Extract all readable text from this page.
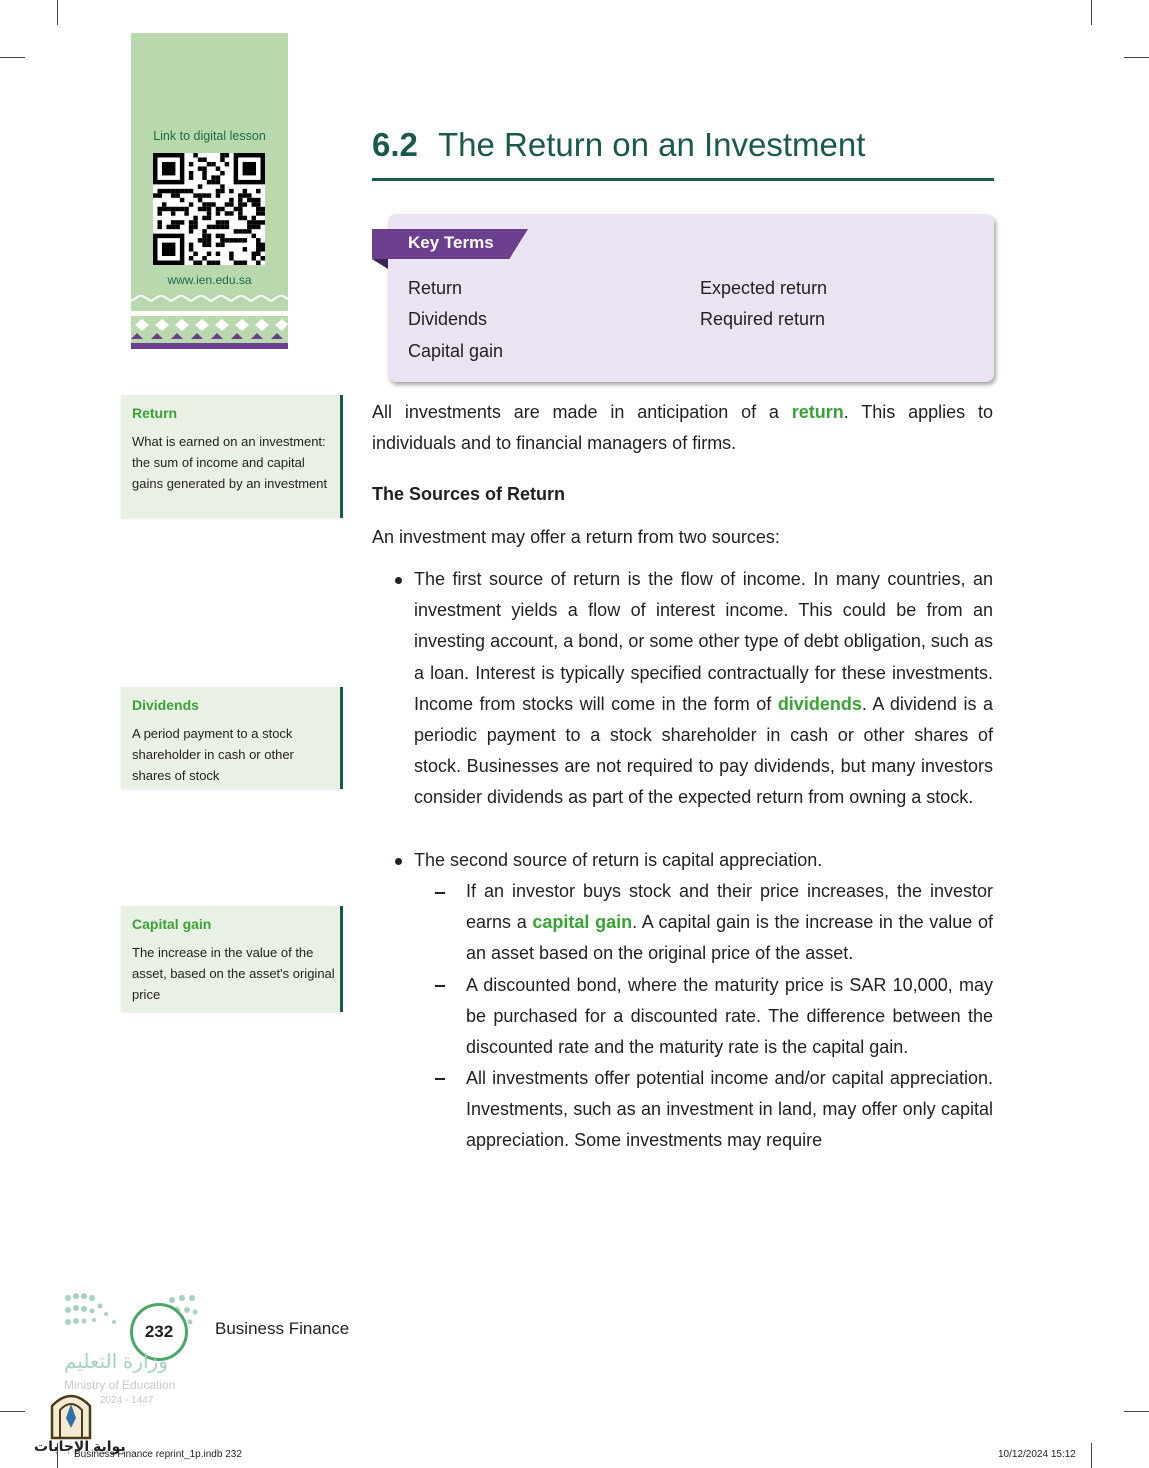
Link to digital lesson
www.ien.edu.sa
6.2 The Return on an Investment
Key Terms
Return
Dividends
Capital gain
Expected return
Required return
All investments are made in anticipation of a return. This applies to individuals and to financial managers of firms.
The Sources of Return
An investment may offer a return from two sources:
The first source of return is the flow of income. In many countries, an investment yields a flow of interest income. This could be from an investing account, a bond, or some other type of debt obligation, such as a loan. Interest is typically specified contractually for these investments. Income from stocks will come in the form of dividends. A dividend is a periodic payment to a stock shareholder in cash or other shares of stock. Businesses are not required to pay dividends, but many investors consider dividends as part of the expected return from owning a stock.
The second source of return is capital appreciation.
If an investor buys stock and their price increases, the investor earns a capital gain. A capital gain is the increase in the value of an asset based on the original price of the asset.
A discounted bond, where the maturity price is SAR 10,000, may be purchased for a discounted rate. The difference between the discounted rate and the maturity rate is the capital gain.
All investments offer potential income and/or capital appreciation. Investments, such as an investment in land, may offer only capital appreciation. Some investments may require
Return
What is earned on an investment: the sum of income and capital gains generated by an investment
Dividends
A period payment to a stock shareholder in cash or other shares of stock
Capital gain
The increase in the value of the asset, based on the asset's original price
232	Business Finance
وزارة التعليم
Ministry of Education
2024 - 1447
بوابة الإجابات
Business Finance reprint_1p.indb 232	10/12/2024 15:12
